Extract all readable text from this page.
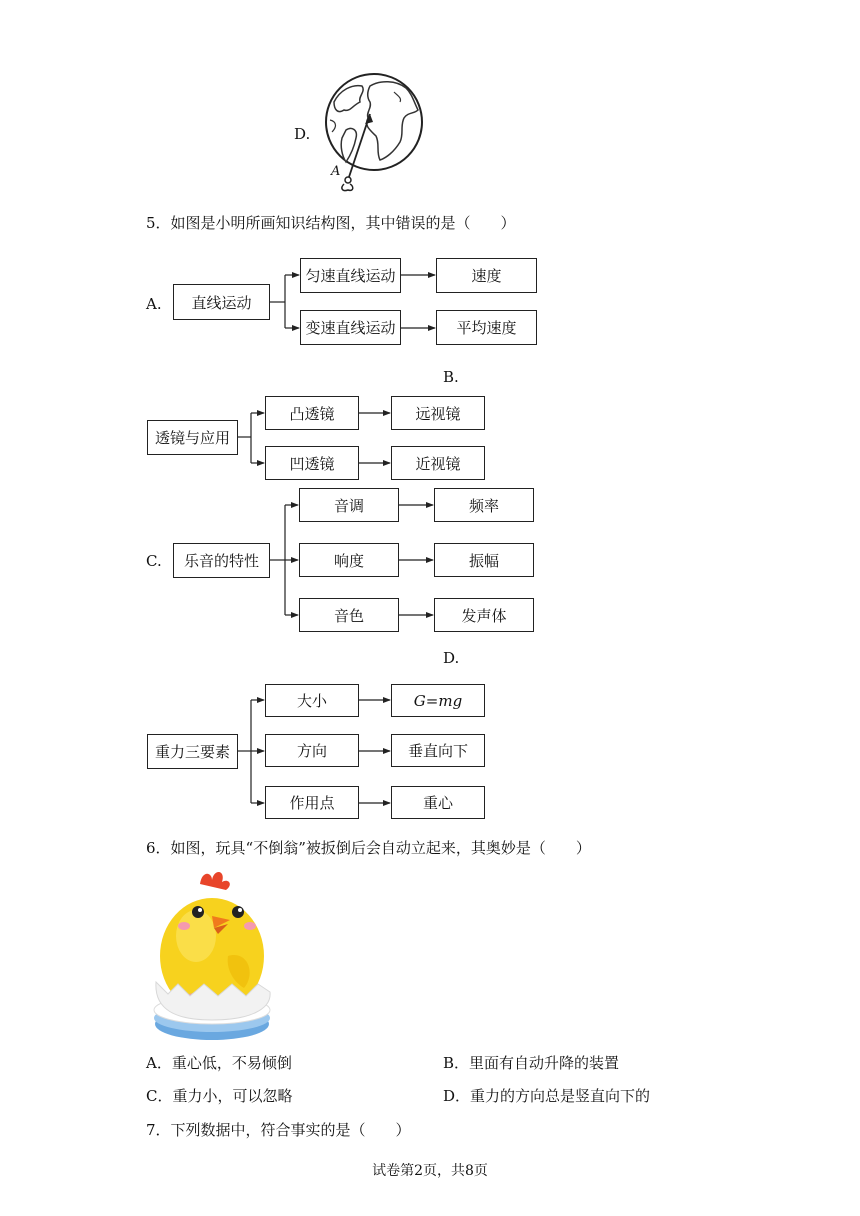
D.
A
5．如图是小明所画知识结构图，其中错误的是（　　）
A.	直线运动
匀速直线运动	速度
变速直线运动	平均速度
B.
透镜与应用
凸透镜	远视镜
凹透镜	近视镜
C.	乐音的特性
音调	频率
响度	振幅
音色	发声体
D.
重力三要素
大小	G=mg
方向	垂直向下
作用点	重心
6．如图，玩具“不倒翁”被扳倒后会自动立起来，其奥妙是（　　）
A．重心低，不易倾倒	B．里面有自动升降的装置
C．重力小，可以忽略	D．重力的方向总是竖直向下的
7．下列数据中，符合事实的是（　　）
试卷第2页，共8页
